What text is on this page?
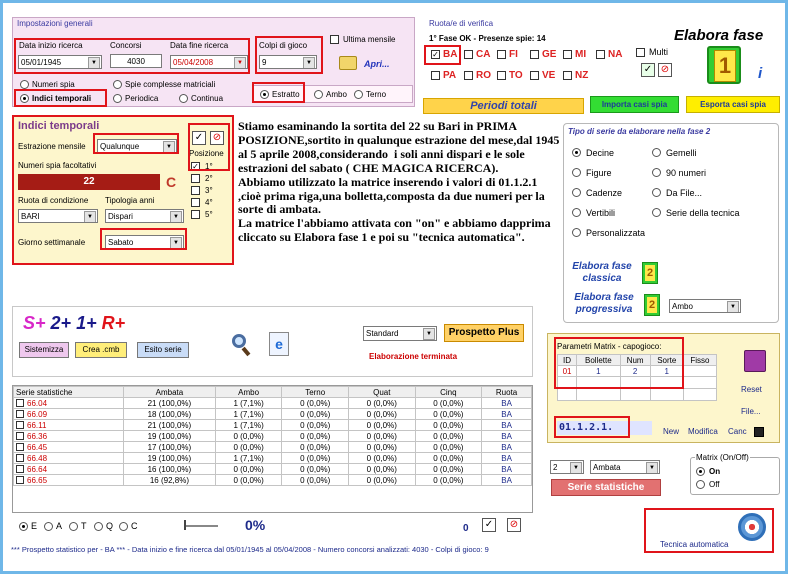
Impostazioni generali
Data inizio ricerca
05/01/1945 ▼
Concorsi
4030
Data fine ricerca
05/04/2008 ▼
Colpi di gioco
9 ▼
Ultima mensile
Apri...
Numeri spia	Spie complesse matriciali
Indici temporali	Periodica	Continua	Estratto	Ambo Terno
Ruota/e di verifica
1° Fase OK - Presenze spie: 14
✓ BA CA FI GE MI NA
PA RO TO VE NZ
Multi
✓ ⊘
Elabora fase
1	i
Periodi totali	Importa casi spia	Esporta casi spia
Indici temporali
Estrazione mensile	Qualunque ▼
Numeri spia facoltativi
22	C
Ruota di condizione
BARI ▼
Tipologia anni
Dispari ▼
Giorno settimanale	Sabato ▼
✓ ⊘
Posizione
✓ 1°
2°
3°
4°
5°
Stiamo esaminando la sortita del 22 su Bari in PRIMA POSIZIONE,sortito in qualunque estrazione del mese,dal 1945 al 5 aprile 2008,considerando  i soli anni dispari e le sole estrazioni del sabato ( CHE MAGICA RICERCA).
Abbiamo utilizzato la matrice inserendo i valori di 01.1.2.1 ,cioè prima riga,una bolletta,composta da due numeri per la sorte di ambata.
La matrice l'abbiamo attivata con "on" e abbiamo dapprima cliccato su Elabora fase 1 e poi su "tecnica automatica".
Tipo di serie da elaborare nella fase 2
Decine
Figure
Cadenze
Vertibili
Personalizzata
Gemelli
90 numeri
Da File...
Serie della tecnica
Elabora fase classica	2
Elabora fase progressiva	2	Ambo ▼
S+ 2+ 1+ R+
Sistemizza	Crea .cmb	Esito serie	e
Standard ▼	Prospetto Plus
Elaborazione terminata
Parametri Matrix - capogioco:
ID	Bollette	Num	Sorte	Fisso
01	1	2	1	

01.1.2.1.	New Modifica Canc
Reset
File...
2 ▼	Ambata ▼
Serie statistiche
Matrix (On/Off)
On
Off
Tecnica automatica
Serie statistiche	Ambata	Ambo	Terno	Quat	Cinq	Ruota
66.04	21 (100,0%)	1 (7,1%)	0 (0,0%)	0 (0,0%)	0 (0,0%)	BA
66.09	18 (100,0%)	1 (7,1%)	0 (0,0%)	0 (0,0%)	0 (0,0%)	BA
66.11	21 (100,0%)	1 (7,1%)	0 (0,0%)	0 (0,0%)	0 (0,0%)	BA
66.36	19 (100,0%)	0 (0,0%)	0 (0,0%)	0 (0,0%)	0 (0,0%)	BA
66.45	17 (100,0%)	0 (0,0%)	0 (0,0%)	0 (0,0%)	0 (0,0%)	BA
66.48	19 (100,0%)	1 (7,1%)	0 (0,0%)	0 (0,0%)	0 (0,0%)	BA
66.64	16 (100,0%)	0 (0,0%)	0 (0,0%)	0 (0,0%)	0 (0,0%)	BA
66.65	16 (92,8%)	0 (0,0%)	0 (0,0%)	0 (0,0%)	0 (0,0%)	BA
E A T Q C	0%	0 ✓ ⊘
*** Prospetto statistico per - BA *** - Data inizio e fine ricerca dal 05/01/1945 al 05/04/2008 - Numero concorsi analizzati: 4030 - Colpi di gioco: 9
